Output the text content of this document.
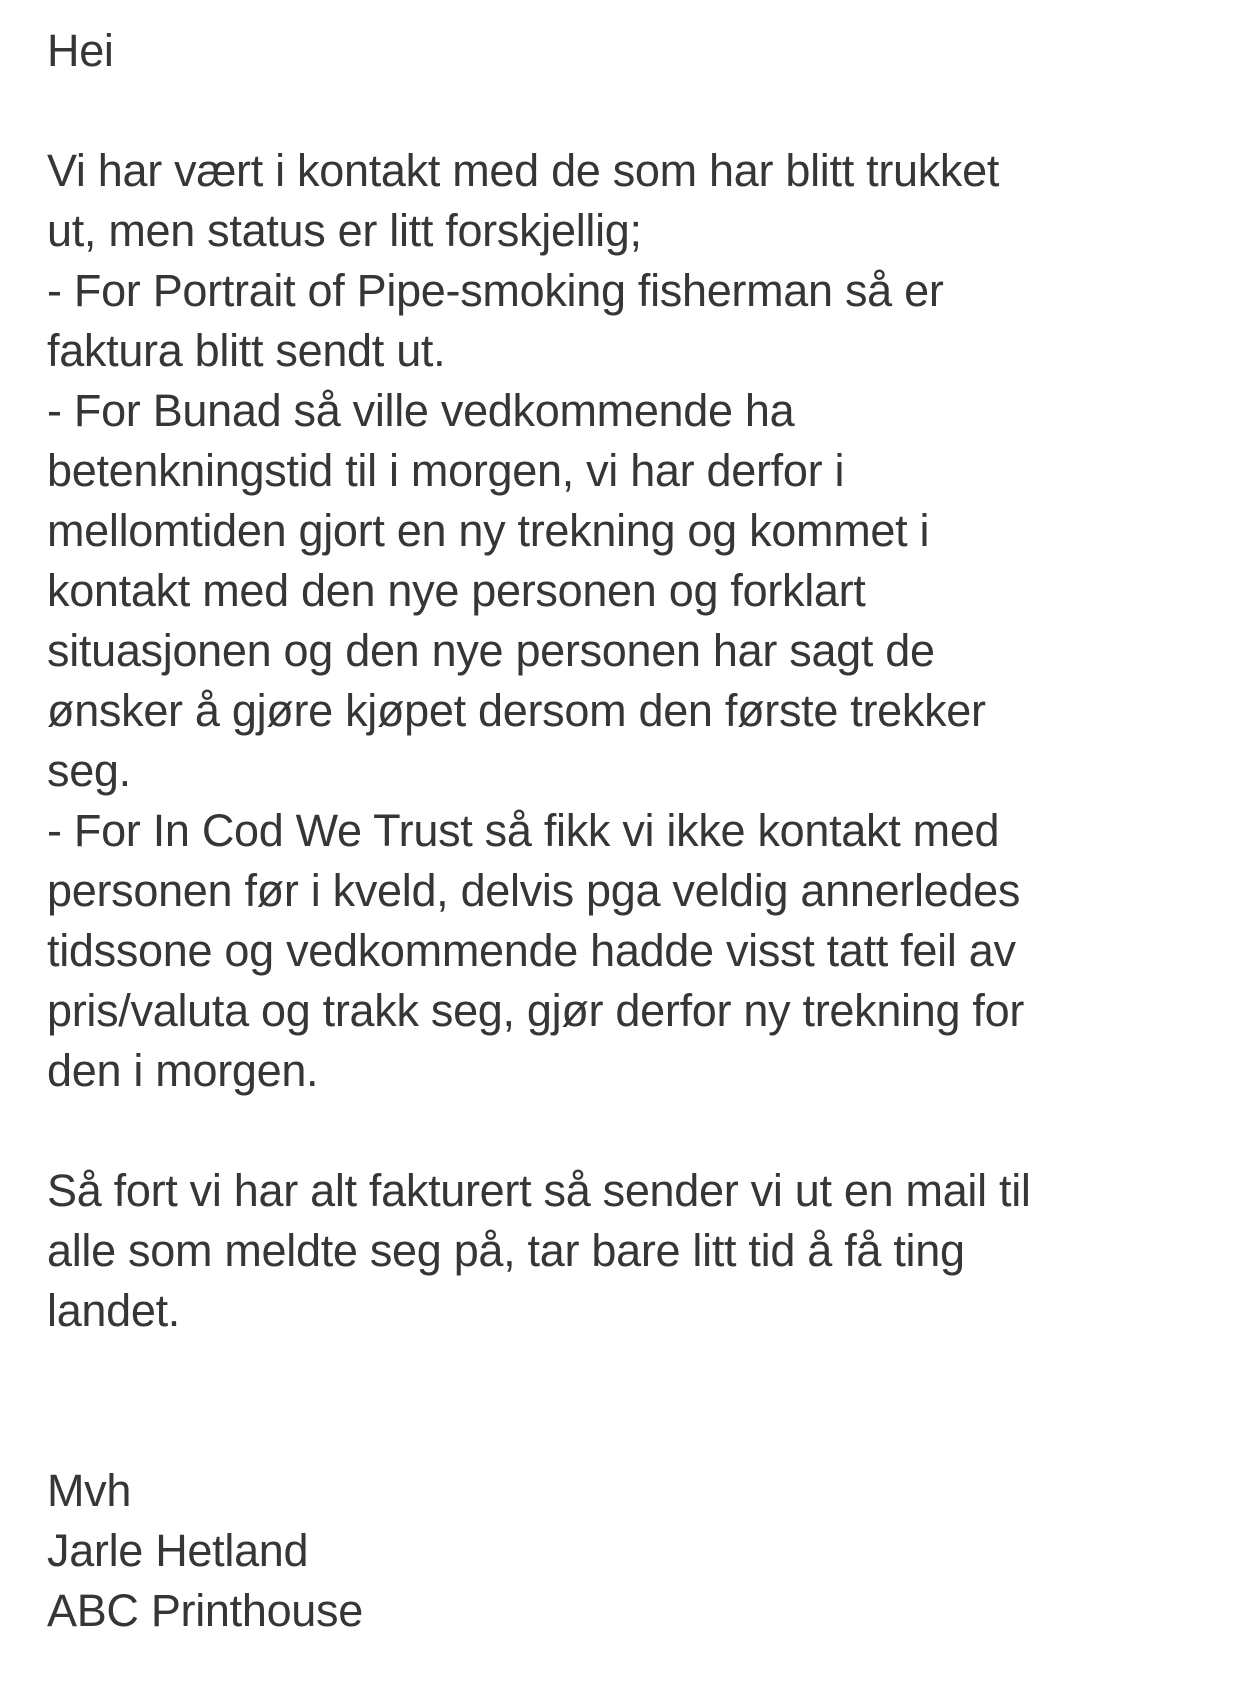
Hei
Vi har vært i kontakt med de som har blitt trukket
ut, men status er litt forskjellig;
- For Portrait of Pipe-smoking fisherman så er
faktura blitt sendt ut.
- For Bunad så ville vedkommende ha
betenkningstid til i morgen, vi har derfor i
mellomtiden gjort en ny trekning og kommet i
kontakt med den nye personen og forklart
situasjonen og den nye personen har sagt de
ønsker å gjøre kjøpet dersom den første trekker
seg.
- For In Cod We Trust så fikk vi ikke kontakt med
personen før i kveld, delvis pga veldig annerledes
tidssone og vedkommende hadde visst tatt feil av
pris/valuta og trakk seg, gjør derfor ny trekning for
den i morgen.
Så fort vi har alt fakturert så sender vi ut en mail til
alle som meldte seg på, tar bare litt tid å få ting
landet.
Mvh
Jarle Hetland
ABC Printhouse
